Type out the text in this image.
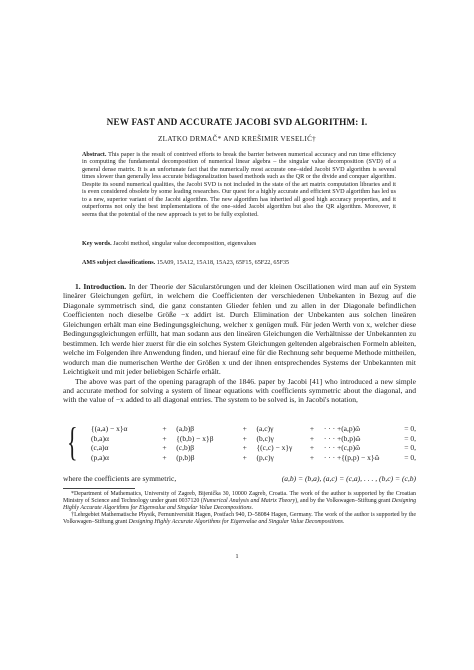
NEW FAST AND ACCURATE JACOBI SVD ALGORITHM: I.
ZLATKO DRMAČ* AND KREŠIMIR VESELIĆ†
Abstract. This paper is the result of contrived efforts to break the barrier between numerical accuracy and run time efficiency in computing the fundamental decomposition of numerical linear algebra – the singular value decomposition (SVD) of a general dense matrix. It is an unfortunate fact that the numerically most accurate one–sided Jacobi SVD algorithm is several times slower than generally less accurate bidiagonalization based methods such as the QR or the divide and conquer algorithm. Despite its sound numerical qualities, the Jacobi SVD is not included in the state of the art matrix computation libraries and it is even considered obsolete by some leading researches. Our quest for a highly accurate and efficient SVD algorithm has led us to a new, superior variant of the Jacobi algorithm. The new algorithm has inherited all good high accuracy properties, and it outperforms not only the best implementations of the one–sided Jacobi algorithm but also the QR algorithm. Moreover, it seems that the potential of the new approach is yet to be fully exploited.
Key words. Jacobi method, singular value decomposition, eigenvalues
AMS subject classifications. 15A09, 15A12, 15A18, 15A23, 65F15, 65F22, 65F35

1. Introduction. In der Theorie der Säcularstörungen und der kleinen Oscillationen wird man auf ein System lineärer Gleichungen gefürt, in welchem die Coefficienten der verschiedenen Unbekanten in Bezug auf die Diagonale symmetrisch sind, die ganz constanten Glieder fehlen und zu allen in der Diagonale befindlichen Coefficienten noch dieselbe Größe −x addirt ist. Durch Elimination der Unbekanten aus solchen lineären Gleichungen erhält man eine Bedingungsgleichung, welcher x genügen muß. Für jeden Werth von x, welcher diese Bedingungsgleichungen erfüllt, hat man sodann aus den lineären Gleichungen die Verhältnisse der Unbekannten zu bestimmen. Ich werde hier zuerst für die ein solches System Gleichungen geltenden algebraischen Formeln ableiten, welche im Folgenden ihre Anwendung finden, und hierauf eine für die Rechnung sehr bequeme Methode mittheilen, wodurch man die numerischen Werthe der Größen x und der ihnen entsprechendes Systems der Unbekannten mit Leichtigkeit und mit jeder beliebigen Schärfe erhält.

The above was part of the opening paragraph of the 1846. paper by Jacobi [41] who introduced a new simple and accurate method for solving a system of linear equations with coefficients symmetric about the diagonal, and with the value of −x added to all diagonal entries. The system to be solved is, in Jacobi's notation,

{ {(a,a) − x}α	+	(a,b)β	+	(a,c)γ	+	· · · +	(a,p)ῶ	= 0,
(b,a)α	+	{(b,b) − x}β	+	(b,c)γ	+	· · · +	(b,p)ῶ	= 0,
(c,a)α	+	(c,b)β	+	{(c,c) − x}γ	+	· · · +	(c,p)ῶ	= 0,
(p,a)α	+	(p,b)β	+	(p,c)γ	+	· · · +	{(p,p) − x}ῶ	= 0,
where the coefficients are symmetric,	(a,b) = (b,a), (a,c) = (c,a), . . . , (b,c) = (c,b)

*Department of Mathematics, University of Zagreb, Bijenička 30, 10000 Zagreb, Croatia. The work of the author is supported by the Croatian Ministry of Science and Technology under grant 0037120 (Numerical Analysis and Matrix Theory), and by the Volkswagen–Stiftung grant Designing Highly Accurate Algorithms for Eigenvalue and Singular Value Decompositions.

†Lehrgebiet Mathematische Physik, Fernuniversität Hagen, Postfach 940, D–58084 Hagen, Germany. The work of the author is supported by the Volkswagen–Stiftung grant Designing Highly Accurate Algorithms for Eigenvalue and Singular Value Decompositions.

1
